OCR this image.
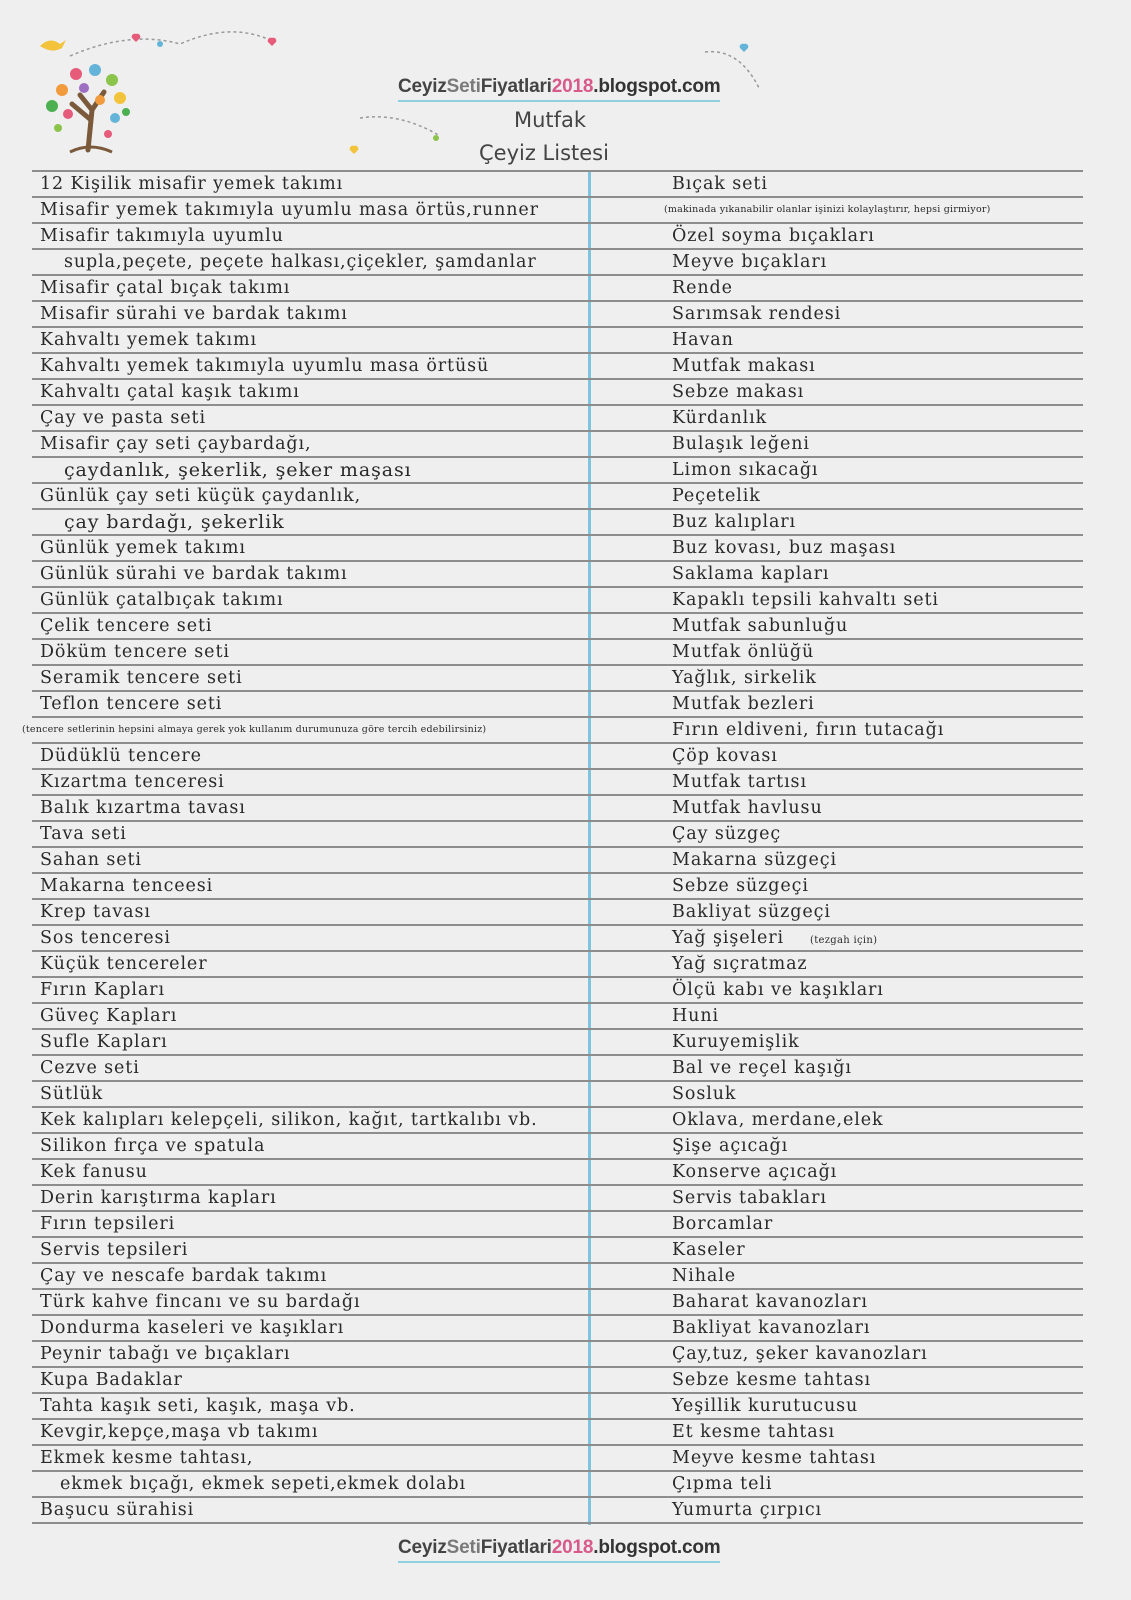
CeyizSetiFiyatlari2018.blogspot.com
Mutfak
Çeyiz Listesi
12 Kişilik misafir yemek takımı
Misafir yemek takımıyla uyumlu masa örtüs,runner
Misafir takımıyla uyumlu
supla,peçete, peçete halkası,çiçekler, şamdanlar
Misafir çatal bıçak takımı
Misafir sürahi ve bardak takımı
Kahvaltı yemek takımı
Kahvaltı yemek takımıyla uyumlu masa örtüsü
Kahvaltı çatal kaşık takımı
Çay ve pasta seti
Misafir çay seti çaybardağı,
çaydanlık, şekerlik, şeker maşası
Günlük çay seti küçük çaydanlık,
çay bardağı, şekerlik
Günlük yemek takımı
Günlük sürahi ve bardak takımı
Günlük çatalbıçak takımı
Çelik tencere seti
Döküm tencere seti
Seramik tencere seti
Teflon tencere seti
(tencere setlerinin hepsini almaya gerek yok kullanım durumunuza göre tercih edebilirsiniz)
Düdüklü tencere
Kızartma tenceresi
Balık kızartma tavası
Tava seti
Sahan seti
Makarna tenceesi
Krep tavası
Sos tenceresi
Küçük tencereler
Fırın Kapları
Güveç Kapları
Sufle Kapları
Cezve seti
Sütlük
Kek kalıpları kelepçeli, silikon, kağıt, tartkalıbı vb.
Silikon fırça ve spatula
Kek fanusu
Derin karıştırma kapları
Fırın tepsileri
Servis tepsileri
Çay ve nescafe bardak takımı
Türk kahve fincanı ve su bardağı
Dondurma kaseleri ve kaşıkları
Peynir tabağı ve bıçakları
Kupa Badaklar
Tahta kaşık seti, kaşık, maşa vb.
Kevgir,kepçe,maşa vb takımı
Ekmek kesme tahtası,
ekmek bıçağı, ekmek sepeti,ekmek dolabı
Başucu sürahisi
Bıçak seti
(makinada yıkanabilir olanlar işinizi kolaylaştırır, hepsi girmiyor)
Özel soyma bıçakları
Meyve bıçakları
Rende
Sarımsak rendesi
Havan
Mutfak makası
Sebze makası
Kürdanlık
Bulaşık leğeni
Limon sıkacağı
Peçetelik
Buz kalıpları
Buz kovası, buz maşası
Saklama kapları
Kapaklı tepsili kahvaltı seti
Mutfak sabunluğu
Mutfak önlüğü
Yağlık, sirkelik
Mutfak bezleri
Fırın eldiveni, fırın tutacağı
Çöp kovası
Mutfak tartısı
Mutfak havlusu
Çay süzgeç
Makarna süzgeçi
Sebze süzgeçi
Bakliyat süzgeçi
Yağ şişeleri	(tezgah için)
Yağ sıçratmaz
Ölçü kabı ve kaşıkları
Huni
Kuruyemişlik
Bal ve reçel kaşığı
Sosluk
Oklava, merdane,elek
Şişe açıcağı
Konserve açıcağı
Servis tabakları
Borcamlar
Kaseler
Nihale
Baharat kavanozları
Bakliyat kavanozları
Çay,tuz, şeker kavanozları
Sebze kesme tahtası
Yeşillik kurutucusu
Et kesme tahtası
Meyve kesme tahtası
Çıpma teli
Yumurta çırpıcı
CeyizSetiFiyatlari2018.blogspot.com
